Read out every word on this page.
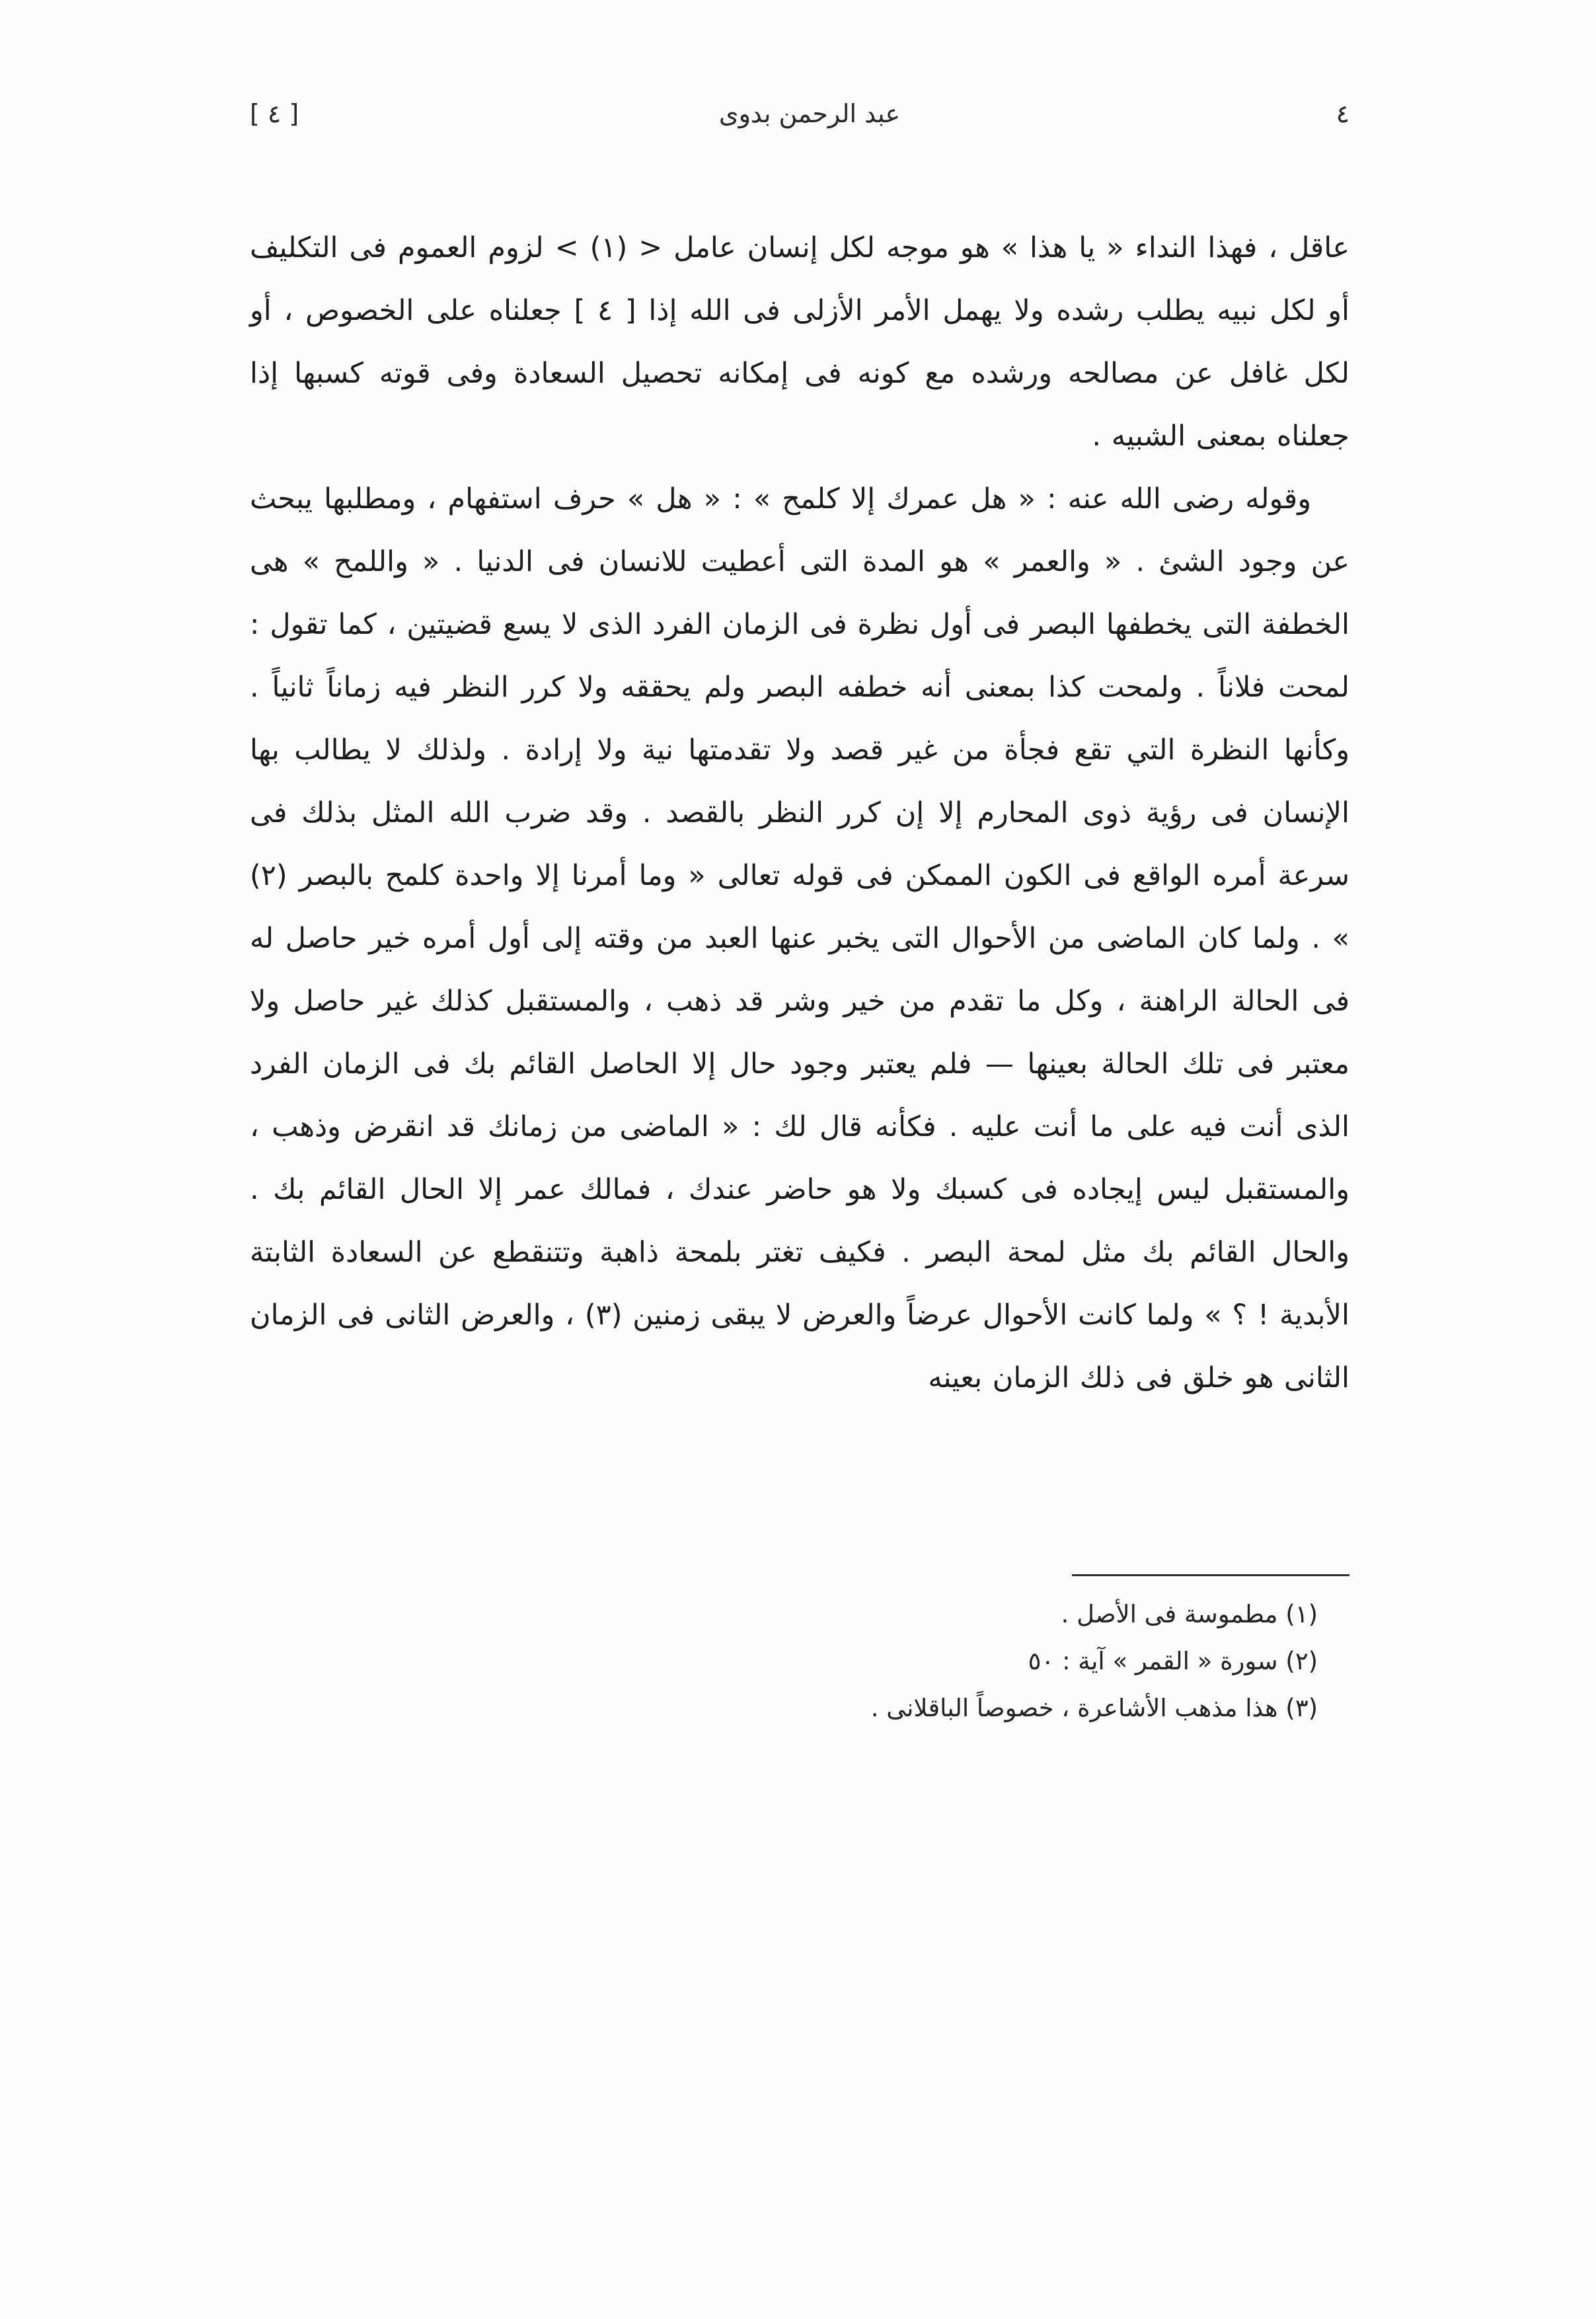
٤
عبد الرحمن بدوى
[ ٤ ]

عاقل ، فهذا النداء « يا هذا » هو موجه لكل إنسان عامل < (١) > لزوم العموم فى التكليف أو لكل نبيه يطلب رشده ولا يهمل الأمر الأزلى فى الله إذا [ ٤ ] جعلناه على الخصوص ، أو لكل غافل عن مصالحه ورشده مع كونه فى إمكانه تحصيل السعادة وفى قوته كسبها إذا جعلناه بمعنى الشبيه .

وقوله رضى الله عنه : « هل عمرك إلا كلمح » : « هل » حرف استفهام ، ومطلبها يبحث عن وجود الشئ . « والعمر » هو المدة التى أعطيت للانسان فى الدنيا . « واللمح » هى الخطفة التى يخطفها البصر فى أول نظرة فى الزمان الفرد الذى لا يسع قضيتين ، كما تقول : لمحت فلاناً . ولمحت كذا بمعنى أنه خطفه البصر ولم يحققه ولا كرر النظر فيه زماناً ثانياً . وكأنها النظرة التي تقع فجأة من غير قصد ولا تقدمتها نية ولا إرادة . ولذلك لا يطالب بها الإنسان فى رؤية ذوى المحارم إلا إن كرر النظر بالقصد . وقد ضرب الله المثل بذلك فى سرعة أمره الواقع فى الكون الممكن فى قوله تعالى « وما أمرنا إلا واحدة كلمح بالبصر (٢) » . ولما كان الماضى من الأحوال التى يخبر عنها العبد من وقته إلى أول أمره خير حاصل له فى الحالة الراهنة ، وكل ما تقدم من خير وشر قد ذهب ، والمستقبل كذلك غير حاصل ولا معتبر فى تلك الحالة بعينها — فلم يعتبر وجود حال إلا الحاصل القائم بك فى الزمان الفرد الذى أنت فيه على ما أنت عليه . فكأنه قال لك : « الماضى من زمانك قد انقرض وذهب ، والمستقبل ليس إيجاده فى كسبك ولا هو حاضر عندك ، فمالك عمر إلا الحال القائم بك . والحال القائم بك مثل لمحة البصر . فكيف تغتر بلمحة ذاهبة وتتنقطع عن السعادة الثابتة الأبدية ! ؟ » ولما كانت الأحوال عرضاً والعرض لا يبقى زمنين (٣) ، والعرض الثانى فى الزمان الثانى هو خلق فى ذلك الزمان بعينه

(١) مطموسة فى الأصل .

(٢) سورة « القمر » آية : ٥٠

(٣) هذا مذهب الأشاعرة ، خصوصاً الباقلانى .
